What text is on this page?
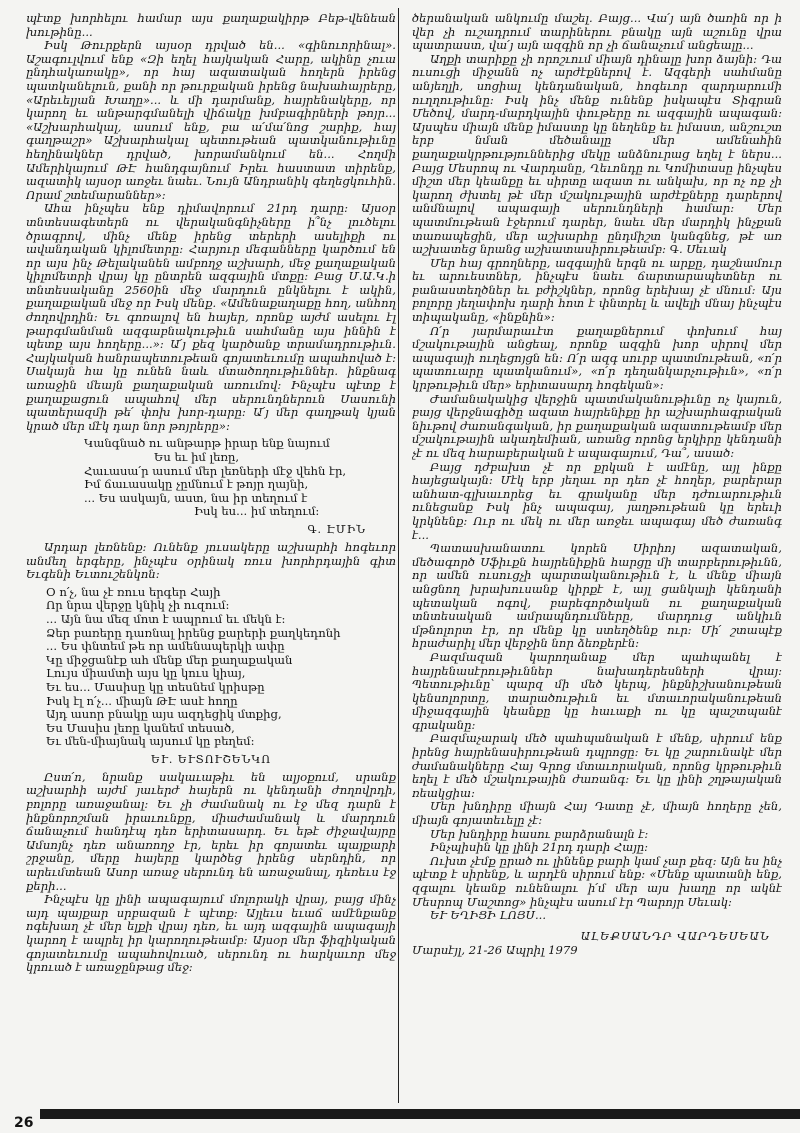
պէտք խորհելու համար այս քաղաքակիրթ Բեթ-վենեան խութինը...

Իսկ Թուրքերն այսօր դրված են... «գինուորինալ». Աշագուլվում ենք «Զի եղել հայկական Հարը, ակինը չուա ընդհակառակը», որ հայ ազատական հողերն իրենց պատկանելուն, քանի որ թուրքական իրենց նախահայրերը, «Արեւելյան Խաղը»... և մի դարմանք, հայրենակերը, որ կարող եւ անթարգմանելի վիճակը խմբագիրների թոյր... «Աշխարհակալ, ասում ենք, բա ա՛մա՛նոց շարիք, հայ գաղթաշր» Աշխարհակալ պետութեան պատկանութիւնը հեղինակներ դրված, խորամանկում են... Հողմի Ամերիկայում ԹԷ հանդգայնում Իրեւ հաստատ տիրենք, ազատիկ այսօր առջեւ նաեւ. Նույն Անդրանիկ գեղեցկուհին. Որամ շտեմարաններ»:

Ահա ինչպես ենք դիմավորում 21րդ դարը: Այսօր տնտեսագետերն ու վերականգնիչները ի՞նչ լուծելու ծրագրով, մինչ մենք իրենց տերերի ասելիքի ու ավանդական կիլոմետրը: Հարյուր մեգանները կարծում են որ այս ինչ Թելականեն ամբողջ աշխարհ, մեջ քաղաքական կիլոմետրի վրայ կը ընտրեն ազգային մտքը: Բաց Մ.Ա.Կ.ի տնտեսականը 2560ին մեջ մարդուն ընկնելու է ակին, քաղաքական մեջ որ Իսկ մենք. «Ամենաքաղաքը հող, անհող ժողովրդին: Եւ գոռալով են հայեր, որոնք այժմ ասելու էլ թարգմանման ազգաբնակութիւն սահմանը այս իննին է պետք այս հողերը...»: Ա՛յ քեզ կարծանք տրամադրութիւն. Հայկական հանրապետութեան գոյատեւումը ապահոված է: Սակայն հա կը ունեն նաև մտածողութիւններ. ինքնագ առաջին մեայն քաղաքական առումով: Ինչպէս պէտք է քաղաքացուն ապահով մեր սերունդներուն Սասունի պատերազմի թե՛ փոխ խոր-դարը: Ա՛յ մեր գաղթակ կյան կրած մեր մէկ դար նոր թոյրերը»:

Կանգնած ու անթարթ իրար ենք նայում
Ես եւ իմ լեռը,
Հաւասա՛ր ասում մեր լեռների մէջ վեհն էր,
Իմ ճաւասակը չըմնում է թոյր ղայնի,
... Ես ասկայն, աստ, նա իր տեղում է
Իսկ ես... իմ տեղում:
Գ. ԷՄԻՆ

Արդար լեռնենք: Ունենք յուսակերը աշխարհի հոգեւոր անմեղ երգերը, ինչպէս օրինակ ռուս խորհրդային գիտ Եւգենի Եւտուշենկոն:

Օ ո՛չ, նա չէ ռուս երգեր Հայի
Որ նրա վերջը կնիկ չի ուզում:
... Այն նա մեզ մոտ է ապրում եւ մեկն է:
Ձեր բառերը դառնալ իրենց քարերի քաղկեդոնի
... Ես փնտեմ թե որ ամենապերկի ափը
Կը միջցանէք ահ մենք մեր քաղաքական
Լույս միամտի այս կը կուս կիայ,
Եւ ես... Մասիսը կը տեսնեմ կրիսթը
Իսկ էլ ո՛չ... միայն ԹԷ ասէ հողը
Այդ ասոր բնակը այս ազդեցիկ մտքից,
Ես Մասիս լեռը կանեմ տեսած,
Եւ մեն-միայնակ այսում կը բեղեմ:
ԵՒ. ԵՒՏՈՒՇԵՆԿՈ

Ըստ՛ո, նրանք սակաւաթիւ են ալյօքում, սրանք աշխարհի այժմ յաւերժ հայերն ու կենդանի ժողովրդի, բոլորը առաջանալ: Եւ չի ժամանակ ու էջ մեզ դարն է ինքնորոշման իրաւունքը, միաժամանակ և մարդուն ճանաչում հանդէպ դեռ երիտասարդ. Եւ եթէ ժիջավայրը Ամսոյնչ դեռ անառողջ էր, երեւ իր գոյատեւ պայքարի շրջանը, մերը հայերը կարծեց իրենց սերնդին, որ արեւմտեան Ասոր առաջ սերունդ են առաջանալ, դեռեւս էջ քերի...

Ինչպէս կը լինի ապագայում մոլորակի վրայ, բայց մինչ այդ պայքար սրբազան է պէտք: Այլեւս եւաճ ամէնքանք ոգեխաղ չէ մեր ելքի վրայ դեռ, եւ այդ ազգային ապագայի կարող է ապրել իր կարողութեամբ: Այսօր մեր ֆիզիկական գոյատեւումը ապահովուած, սերունդ ու հարկաւոր մեջ կրուած է առաջընթաց մեջ:

ծերանական անկումը մաշել. Բայց... Վա՛յ այն ծառին որ ի վեր չի ուշադրում տարիներու բնակը այն աշունը վրա պատրաստ, վա՛յ այն ազգին որ չի ճանաչում անցեալը...

Աղքի տարիքը չի որոշւում միայն դինալը խոր ձայնի: Դա ուսուցի միջանն ոչ արժէքներով է. Ազգերի սահմանը անյեղլի, սոցիալ կենդանական, հոգեւոր զարդարումի ուղղութիւնը: Իսկ ինչ մենք ունենք իսկապէս Տիգրան Մեծով, մարդ-մարդկային փութերը ու ազգային ապագան: Այսպես միայն մենք իմաստը կը նեղենք եւ իմաստ, անշուշտ երբ նման մեծանալը մեր ամենահին քաղաքակրթություններից մեկը անձնուրաց եղել է ներս... Բայց Մեսրոպ ու Վարդանը, Ղեւոնդը ու Կոմիտասը ինչպես միշտ մեր կեանքը եւ սիրտը ազատ ու անկախ, որ ոչ ոք չի կարող ժխտել թէ մեր մշակութային արժէքները դարերով անմնալով ապագայի սերունդների համար: Մեր պատմութեան էջերում դարեր, նաեւ մեր մարդիկ ինչքան տառապեցին, մեր աշխարհը ընդմիշտ կանգնեց, թէ առ աշխատեց նրանց աշխատասիրութեամբ: Գ. Սեւակ

Մեր հայ գրողները, ազգային երգն ու արքը, դաշնամուր եւ արուեստներ, ինչպէս նաեւ ճարտարապետներ ու բանաստեղծներ եւ բժիշկներ, որոնց երեխայ չէ մնում: Այս բոլորը յեղափոխ դարի հոտ է փնտրել և ավելի մնայ ինչպէս տիպականը, «ինքնին»:

Ո՛ր յարմարաւէտ քաղաքներում փոխում հայ մշակութային անցեալ, որոնք ազգին խոր սիրով մեր ապագայի ուղեցոյցն են: Ո՛ր ազգ սուրբ պատմութեան, «ո՛ր պատուարը պատկանում», «ո՛ր դեղանկարչութիւն», «ո՛ր կրթութիւն մեր» երիտասարդ հոգեկան»:

Ժամանակակից վերջին պատմականութիւնը ոչ կայուն, բայց վերջնագիծը ազատ հայրենիքը իր աշխարհագրական նիւթով ժառանգական, իր քաղաքական ազատութեամբ մեր մշակութային ակադեմիան, առանց որոնց երկիրը կենդանի չէ ու մեզ հարաբերական է ապագայում, Դա՞, ասած:

Բայց դժբախտ չէ որ քրկան է ամէնը, այլ ինքը հայեցակայն: Մէկ երբ յեղաւ որ դեռ չէ հողեր, բարերար անհատ-գլխաւորեց եւ գրականը մեր դժուարութիւն ունեցանք Իսկ ինչ ապագայ, յաղթութեան կը երեւի կրկնենք: Ուր ու մեկ ու մեր առջեւ ապագայ մեծ ժառանգ է...

Պատասխանատու կորեն Սիրիոյ ազատական, մեծագործ Սֆիւքն հայրենիքին հարցը մի տարբերութիւնն, որ ամեն ուսուցչի պարտականութիւն է, և մենք միայն անցնող խրախուսանք կիրքէ է, այլ ցանկալի կենդանի պետական ոգով, բարեգործական ու քաղաքական տնտեսական ամրապնդումները, մարդուց անկիւն մթնոլորտ էր, որ մենք կը ստեղծենք ուր: Մի՛ շտապէք հրաժարիլ մեր վերջին նոր ձեռքերէն:

Բազմազան կարողանաք մեր պահպանել է հայրենասէրութիւններ նախադերեսների վրայ: Պետութիւնը՝ պարզ մի մեծ կերպ, ինքնիշխանութեան կենսոլորտը, տարածութիւն եւ մտաւորականութեան միջազգային կեանքը կը հաւաքի ու կը պաշտպանէ գրականը:

Բազմաչարակ մեծ պահպանական է մենք, սիրում ենք իրենց հայրենասիրութեան դպրոցը: Եւ կը շարունակէ մեր ժամանակները Հայ Գրոց մտաւորական, որոնց կրթութիւն եղել է մեծ մշակութային ժառանգ: Եւ կը լինի շղթայական ռեակցիա:

Մեր խնդիրը միայն Հայ Դատը չէ, միայն հողերը չեն, միայն գոյատեւելը չէ:

Մեր խնդիրը հասու բարձրանալն է:

Ինչպիսին կը լինի 21րդ դարի Հայը:

Ուխտ չէմք ըրած ու լինենք բարի կամ չար քեզ: Այն ես ինչ պէտք է սիրենք, և արդէն սիրում ենք: «Մենք պատանի ենք, զգալու կեանք ունենալու ի՛մ մեր այս խաղը որ ակնէ Մեսրոպ Մաշտոց» ինչպէս ասում էր Պարոյր Սեւակ:

ԵՒ ԵՂԻՑԻ ԼՈՅՍ...

ԱԼԵՔՍԱՆԴՐ ՎԱՐԴԵՍԵԱՆ
Մարսէյլ, 21-26 Ապրիլ 1979
26
